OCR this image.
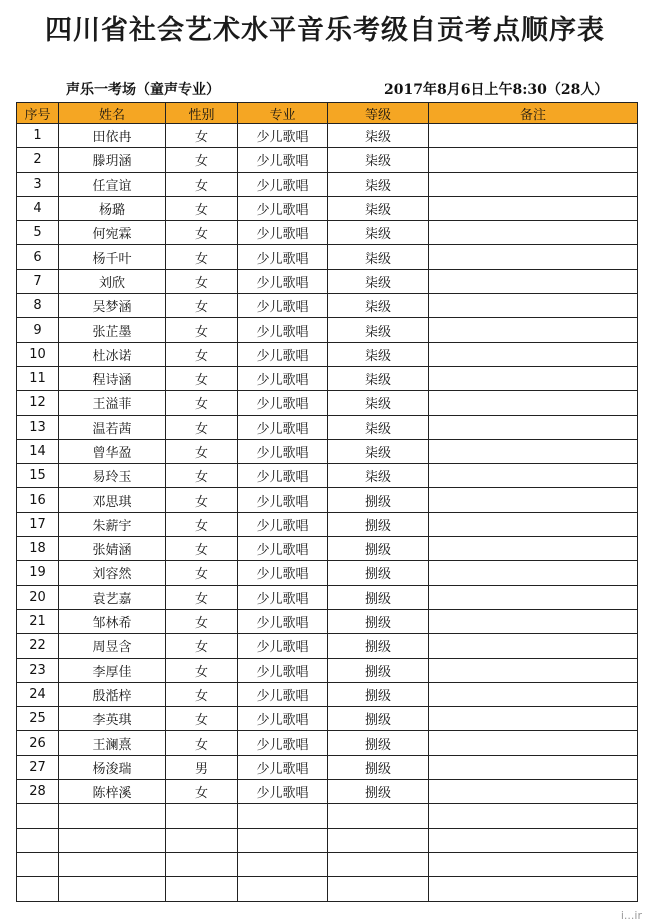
四川省社会艺术水平音乐考级自贡考点顺序表
声乐一考场（童声专业）	2017年8月6日上午8:30（28人）
序号	姓名	性别	专业	等级	备注
1	田依冉	女	少儿歌唱	柒级	
2	滕玥涵	女	少儿歌唱	柒级	
3	任宣谊	女	少儿歌唱	柒级	
4	杨璐	女	少儿歌唱	柒级	
5	何宛霖	女	少儿歌唱	柒级	
6	杨千叶	女	少儿歌唱	柒级	
7	刘欣	女	少儿歌唱	柒级	
8	吴梦涵	女	少儿歌唱	柒级	
9	张芷墨	女	少儿歌唱	柒级	
10	杜冰诺	女	少儿歌唱	柒级	
11	程诗涵	女	少儿歌唱	柒级	
12	王溢菲	女	少儿歌唱	柒级	
13	温若茜	女	少儿歌唱	柒级	
14	曾华盈	女	少儿歌唱	柒级	
15	易玲玉	女	少儿歌唱	柒级	
16	邓思琪	女	少儿歌唱	捌级	
17	朱薪宇	女	少儿歌唱	捌级	
18	张婧涵	女	少儿歌唱	捌级	
19	刘容然	女	少儿歌唱	捌级	
20	袁艺嘉	女	少儿歌唱	捌级	
21	邹林希	女	少儿歌唱	捌级	
22	周昱含	女	少儿歌唱	捌级	
23	李厚佳	女	少儿歌唱	捌级	
24	殷湉梓	女	少儿歌唱	捌级	
25	李英琪	女	少儿歌唱	捌级	
26	王澜熹	女	少儿歌唱	捌级	
27	杨浚瑞	男	少儿歌唱	捌级	
28	陈梓溪	女	少儿歌唱	捌级	

i...ir
